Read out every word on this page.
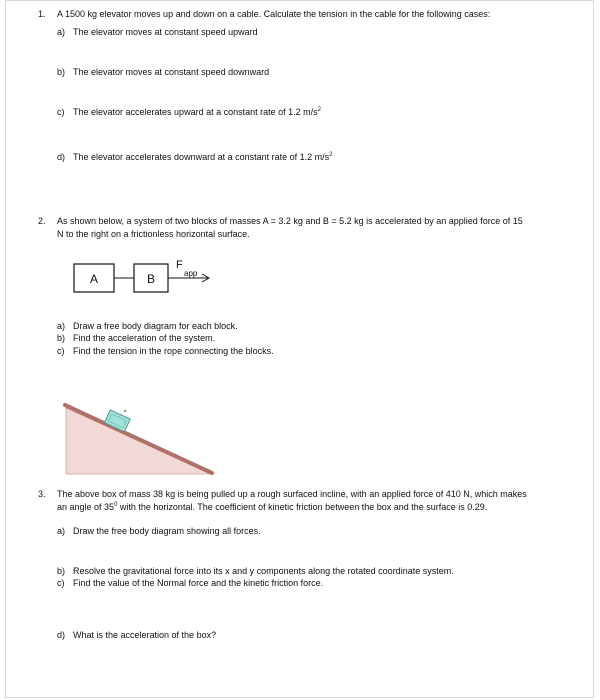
1. A 1500 kg elevator moves up and down on a cable. Calculate the tension in the cable for the following cases:
a) The elevator moves at constant speed upward
b) The elevator moves at constant speed downward
c) The elevator accelerates upward at a constant rate of 1.2 $m/s^2$
d) The elevator accelerates downward at a constant rate of 1.2 $m/s^2$
2. As shown below, a system of two blocks of masses A = 3.2 kg and B = 5.2 kg is accelerated by an applied force of 15
N to the right on a frictionless horizontal surface.
A	B
F
app
a) Draw a free body diagram for each block.
b) Find the acceleration of the system.
c) Find the tension in the rope connecting the blocks.
3. The above box of mass 38 kg is being pulled up a rough surfaced incline, with an applied force of 410 N, which makes
an angle of $35^0$ with the horizontal. The coefficient of kinetic friction between the box and the surface is 0.29.
a) Draw the free body diagram showing all forces.
b) Resolve the gravitational force into its x and y components along the rotated coordinate system.
c) Find the value of the Normal force and the kinetic friction force.
d) What is the acceleration of the box?
